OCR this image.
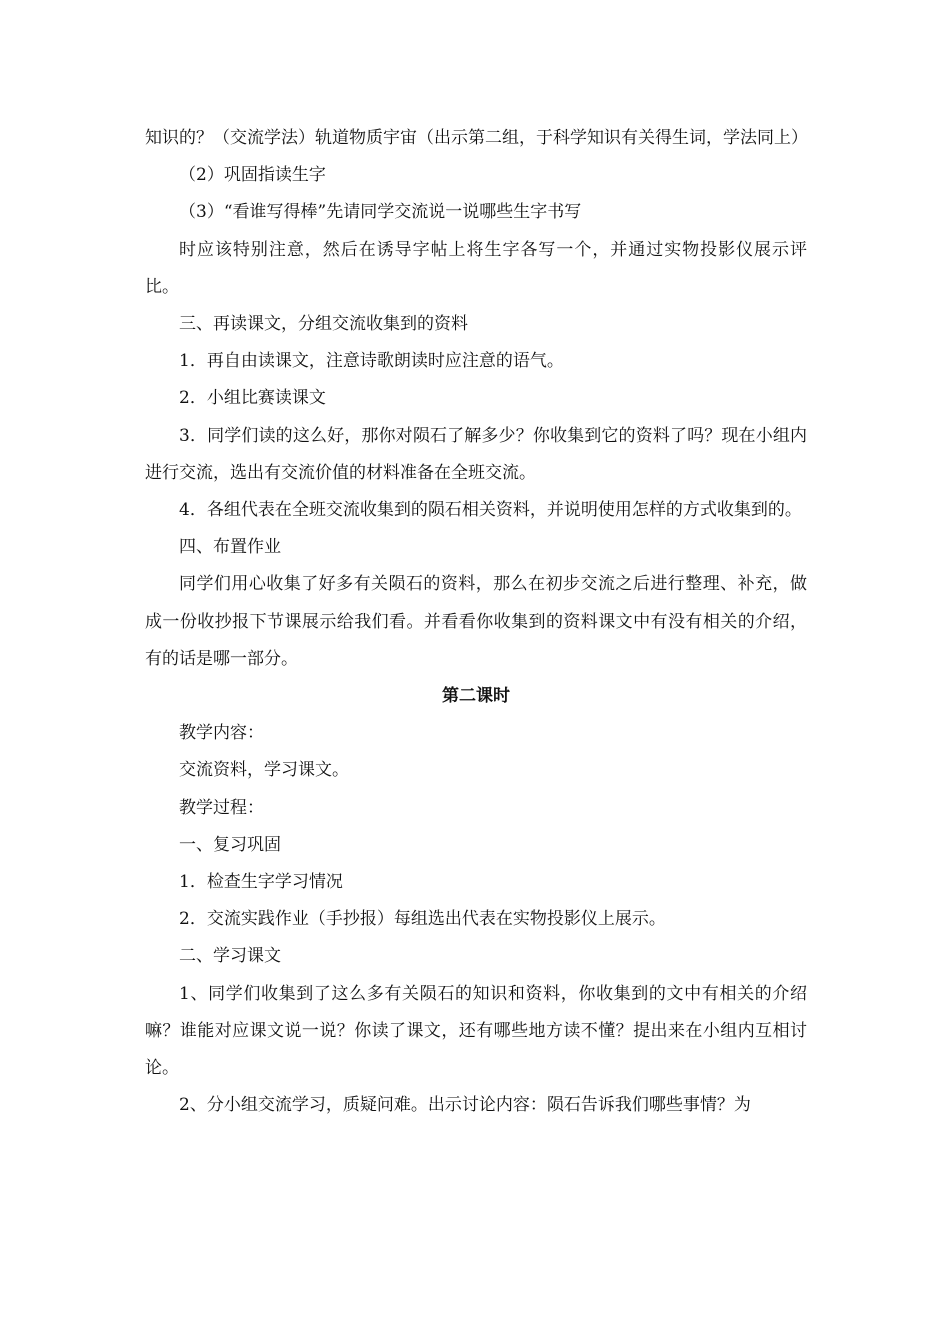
知识的？（交流学法）轨道物质宇宙（出示第二组，于科学知识有关得生词，学法同上）

（2）巩固指读生字

（3）“看谁写得棒”先请同学交流说一说哪些生字书写

时应该特别注意，然后在诱导字帖上将生字各写一个，并通过实物投影仪展示评比。

三、再读课文，分组交流收集到的资料

1．再自由读课文，注意诗歌朗读时应注意的语气。

2．小组比赛读课文

3．同学们读的这么好，那你对陨石了解多少？你收集到它的资料了吗？现在小组内进行交流，选出有交流价值的材料准备在全班交流。

4．各组代表在全班交流收集到的陨石相关资料，并说明使用怎样的方式收集到的。

四、布置作业

同学们用心收集了好多有关陨石的资料，那么在初步交流之后进行整理、补充，做成一份收抄报下节课展示给我们看。并看看你收集到的资料课文中有没有相关的介绍，有的话是哪一部分。

第二课时

教学内容：

交流资料，学习课文。

教学过程：

一、复习巩固

1．检查生字学习情况

2．交流实践作业（手抄报）每组选出代表在实物投影仪上展示。

二、学习课文

1、同学们收集到了这么多有关陨石的知识和资料，你收集到的文中有相关的介绍嘛？谁能对应课文说一说？你读了课文，还有哪些地方读不懂？提出来在小组内互相讨论。

2、分小组交流学习，质疑问难。出示讨论内容：陨石告诉我们哪些事情？为
